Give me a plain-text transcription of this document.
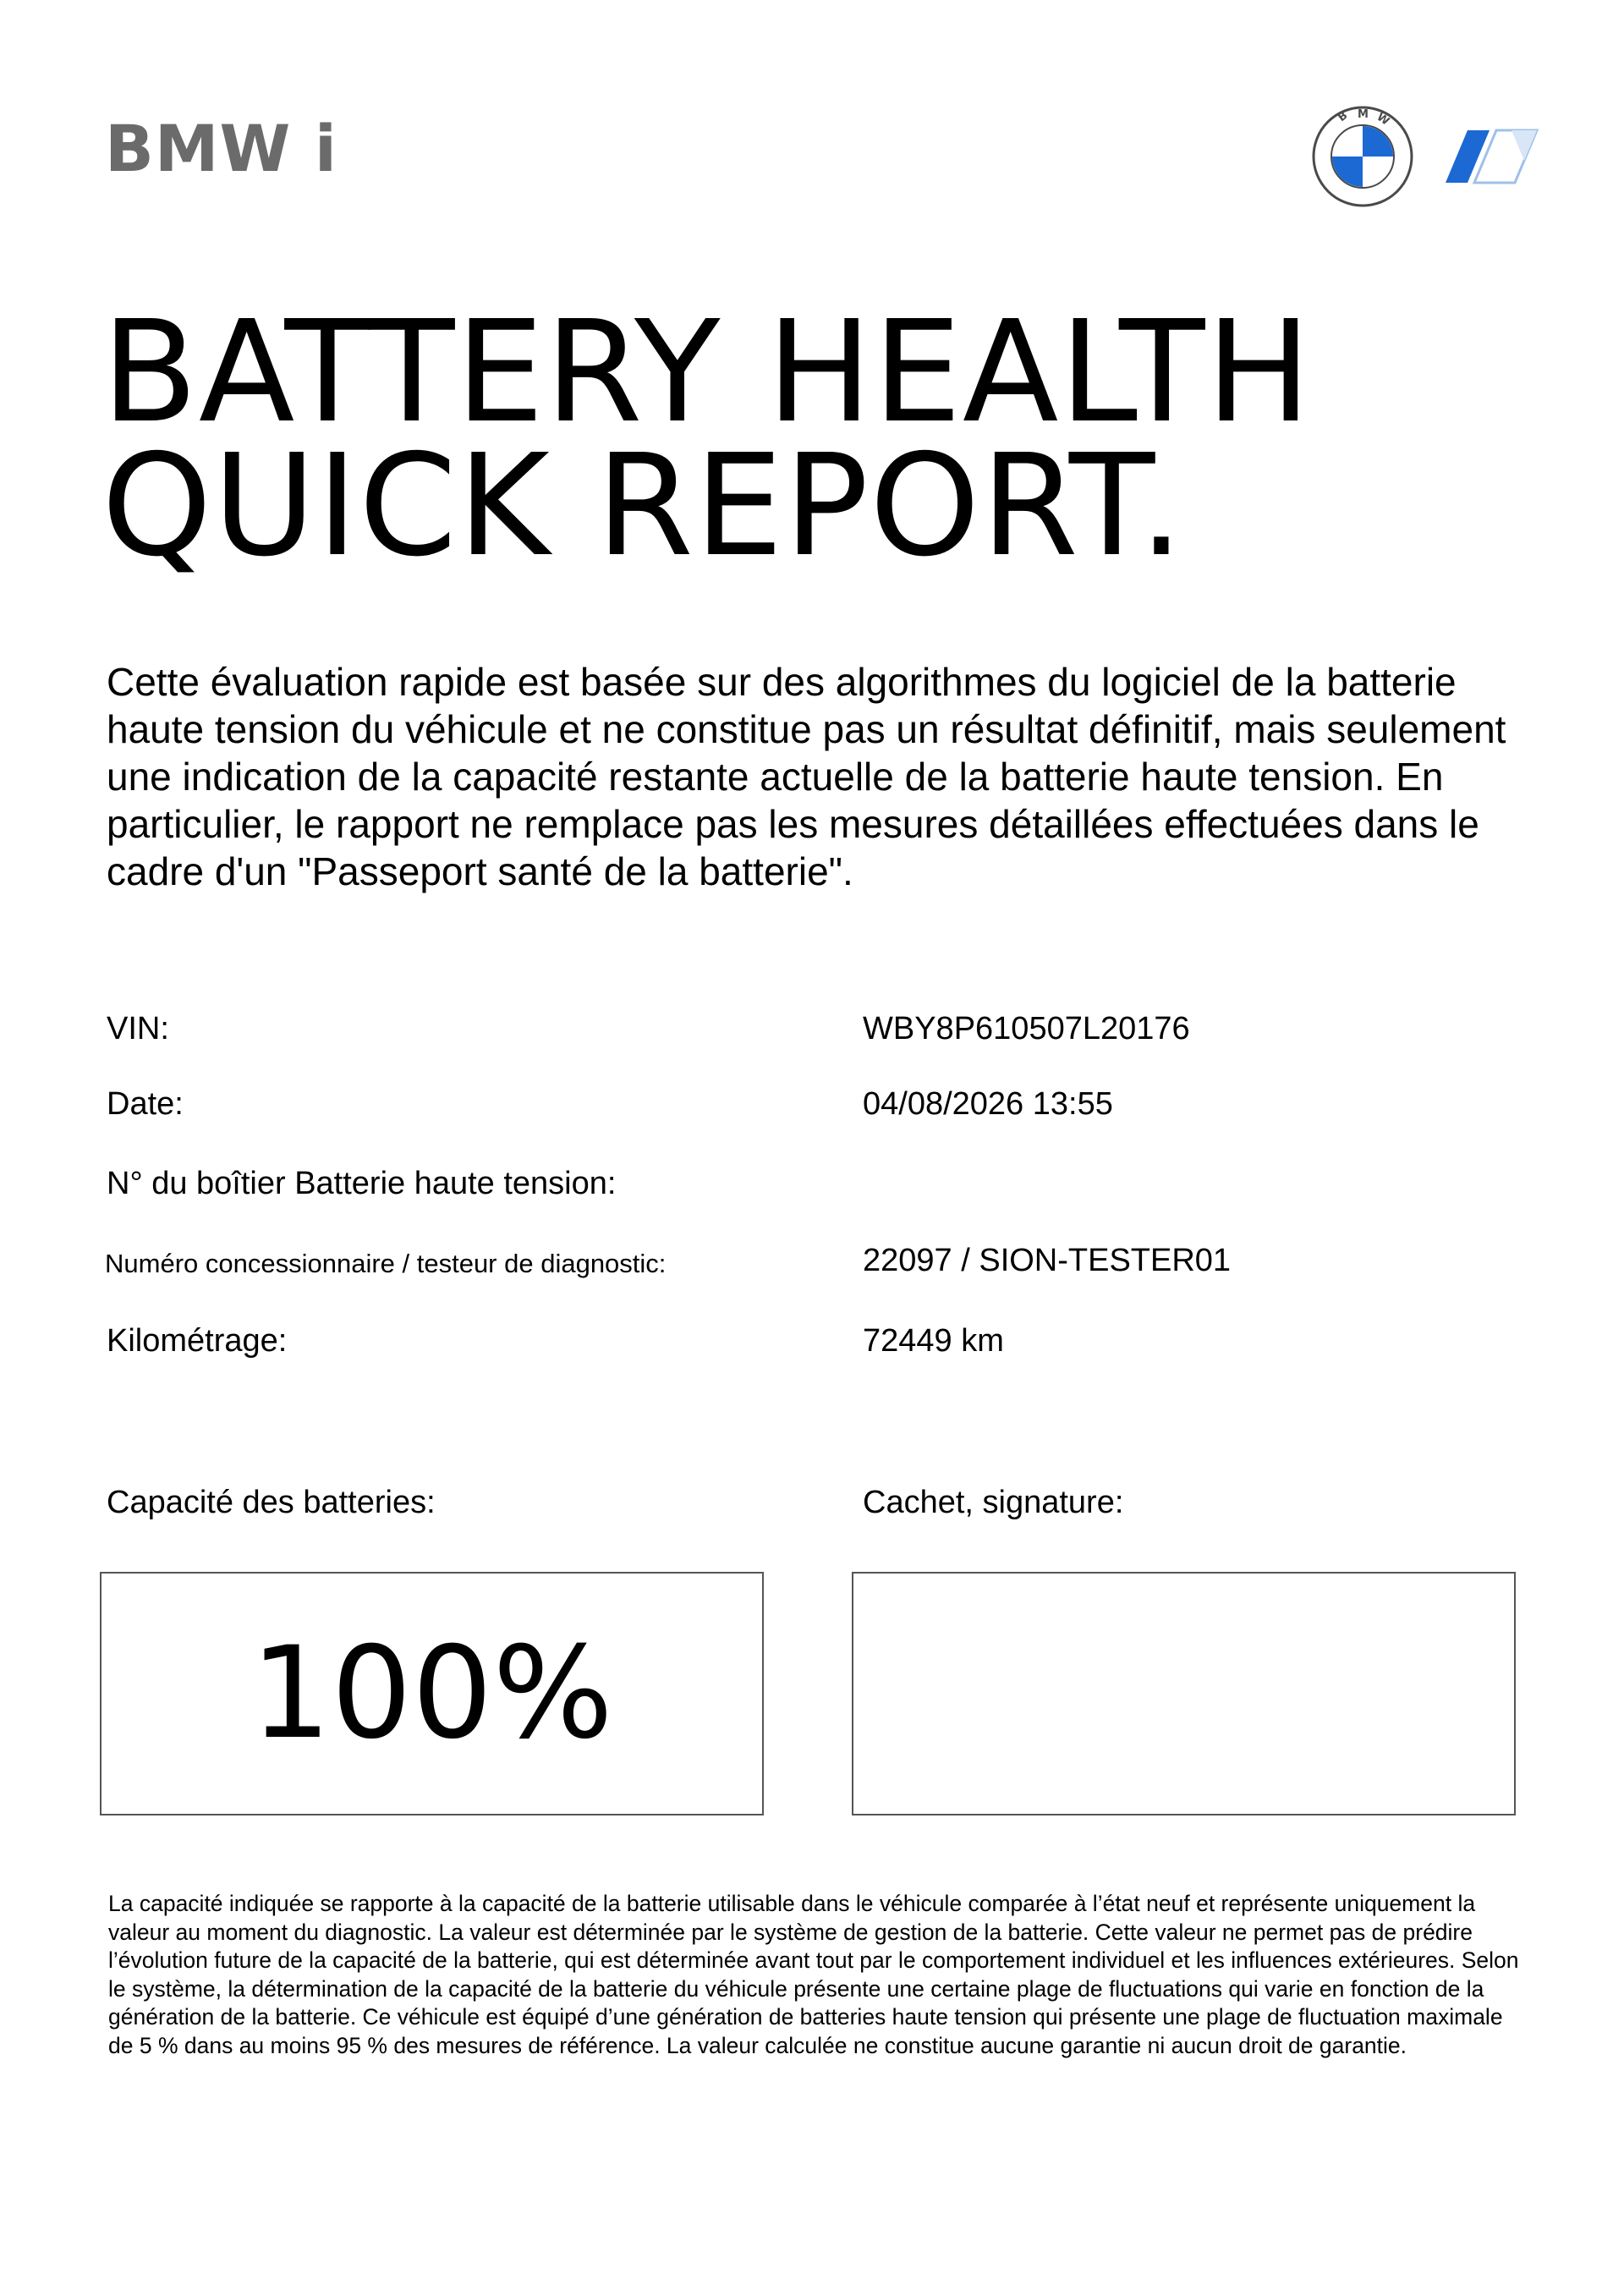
BMW i	B M W
BATTERY HEALTH
QUICK REPORT.

Cette évaluation rapide est basée sur des algorithmes du logiciel de la batterie haute tension du véhicule et ne constitue pas un résultat définitif, mais seulement une indication de la capacité restante actuelle de la batterie haute tension. En particulier, le rapport ne remplace pas les mesures détaillées effectuées dans le cadre d'un "Passeport santé de la batterie".

VIN:	WBY8P610507L20176
Date:	04/08/2026 13:55
N° du boîtier Batterie haute tension:
Numéro concessionnaire / testeur de diagnostic:	22097 / SION-TESTER01
Kilométrage:	72449 km
Capacité des batteries:	Cachet, signature:
100%

La capacité indiquée se rapporte à la capacité de la batterie utilisable dans le véhicule comparée à l’état neuf et représente uniquement la valeur au moment du diagnostic. La valeur est déterminée par le système de gestion de la batterie. Cette valeur ne permet pas de prédire l’évolution future de la capacité de la batterie, qui est déterminée avant tout par le comportement individuel et les influences extérieures. Selon le système, la détermination de la capacité de la batterie du véhicule présente une certaine plage de fluctuations qui varie en fonction de la génération de la batterie. Ce véhicule est équipé d’une génération de batteries haute tension qui présente une plage de fluctuation maximale de 5 % dans au moins 95 % des mesures de référence. La valeur calculée ne constitue aucune garantie ni aucun droit de garantie.
